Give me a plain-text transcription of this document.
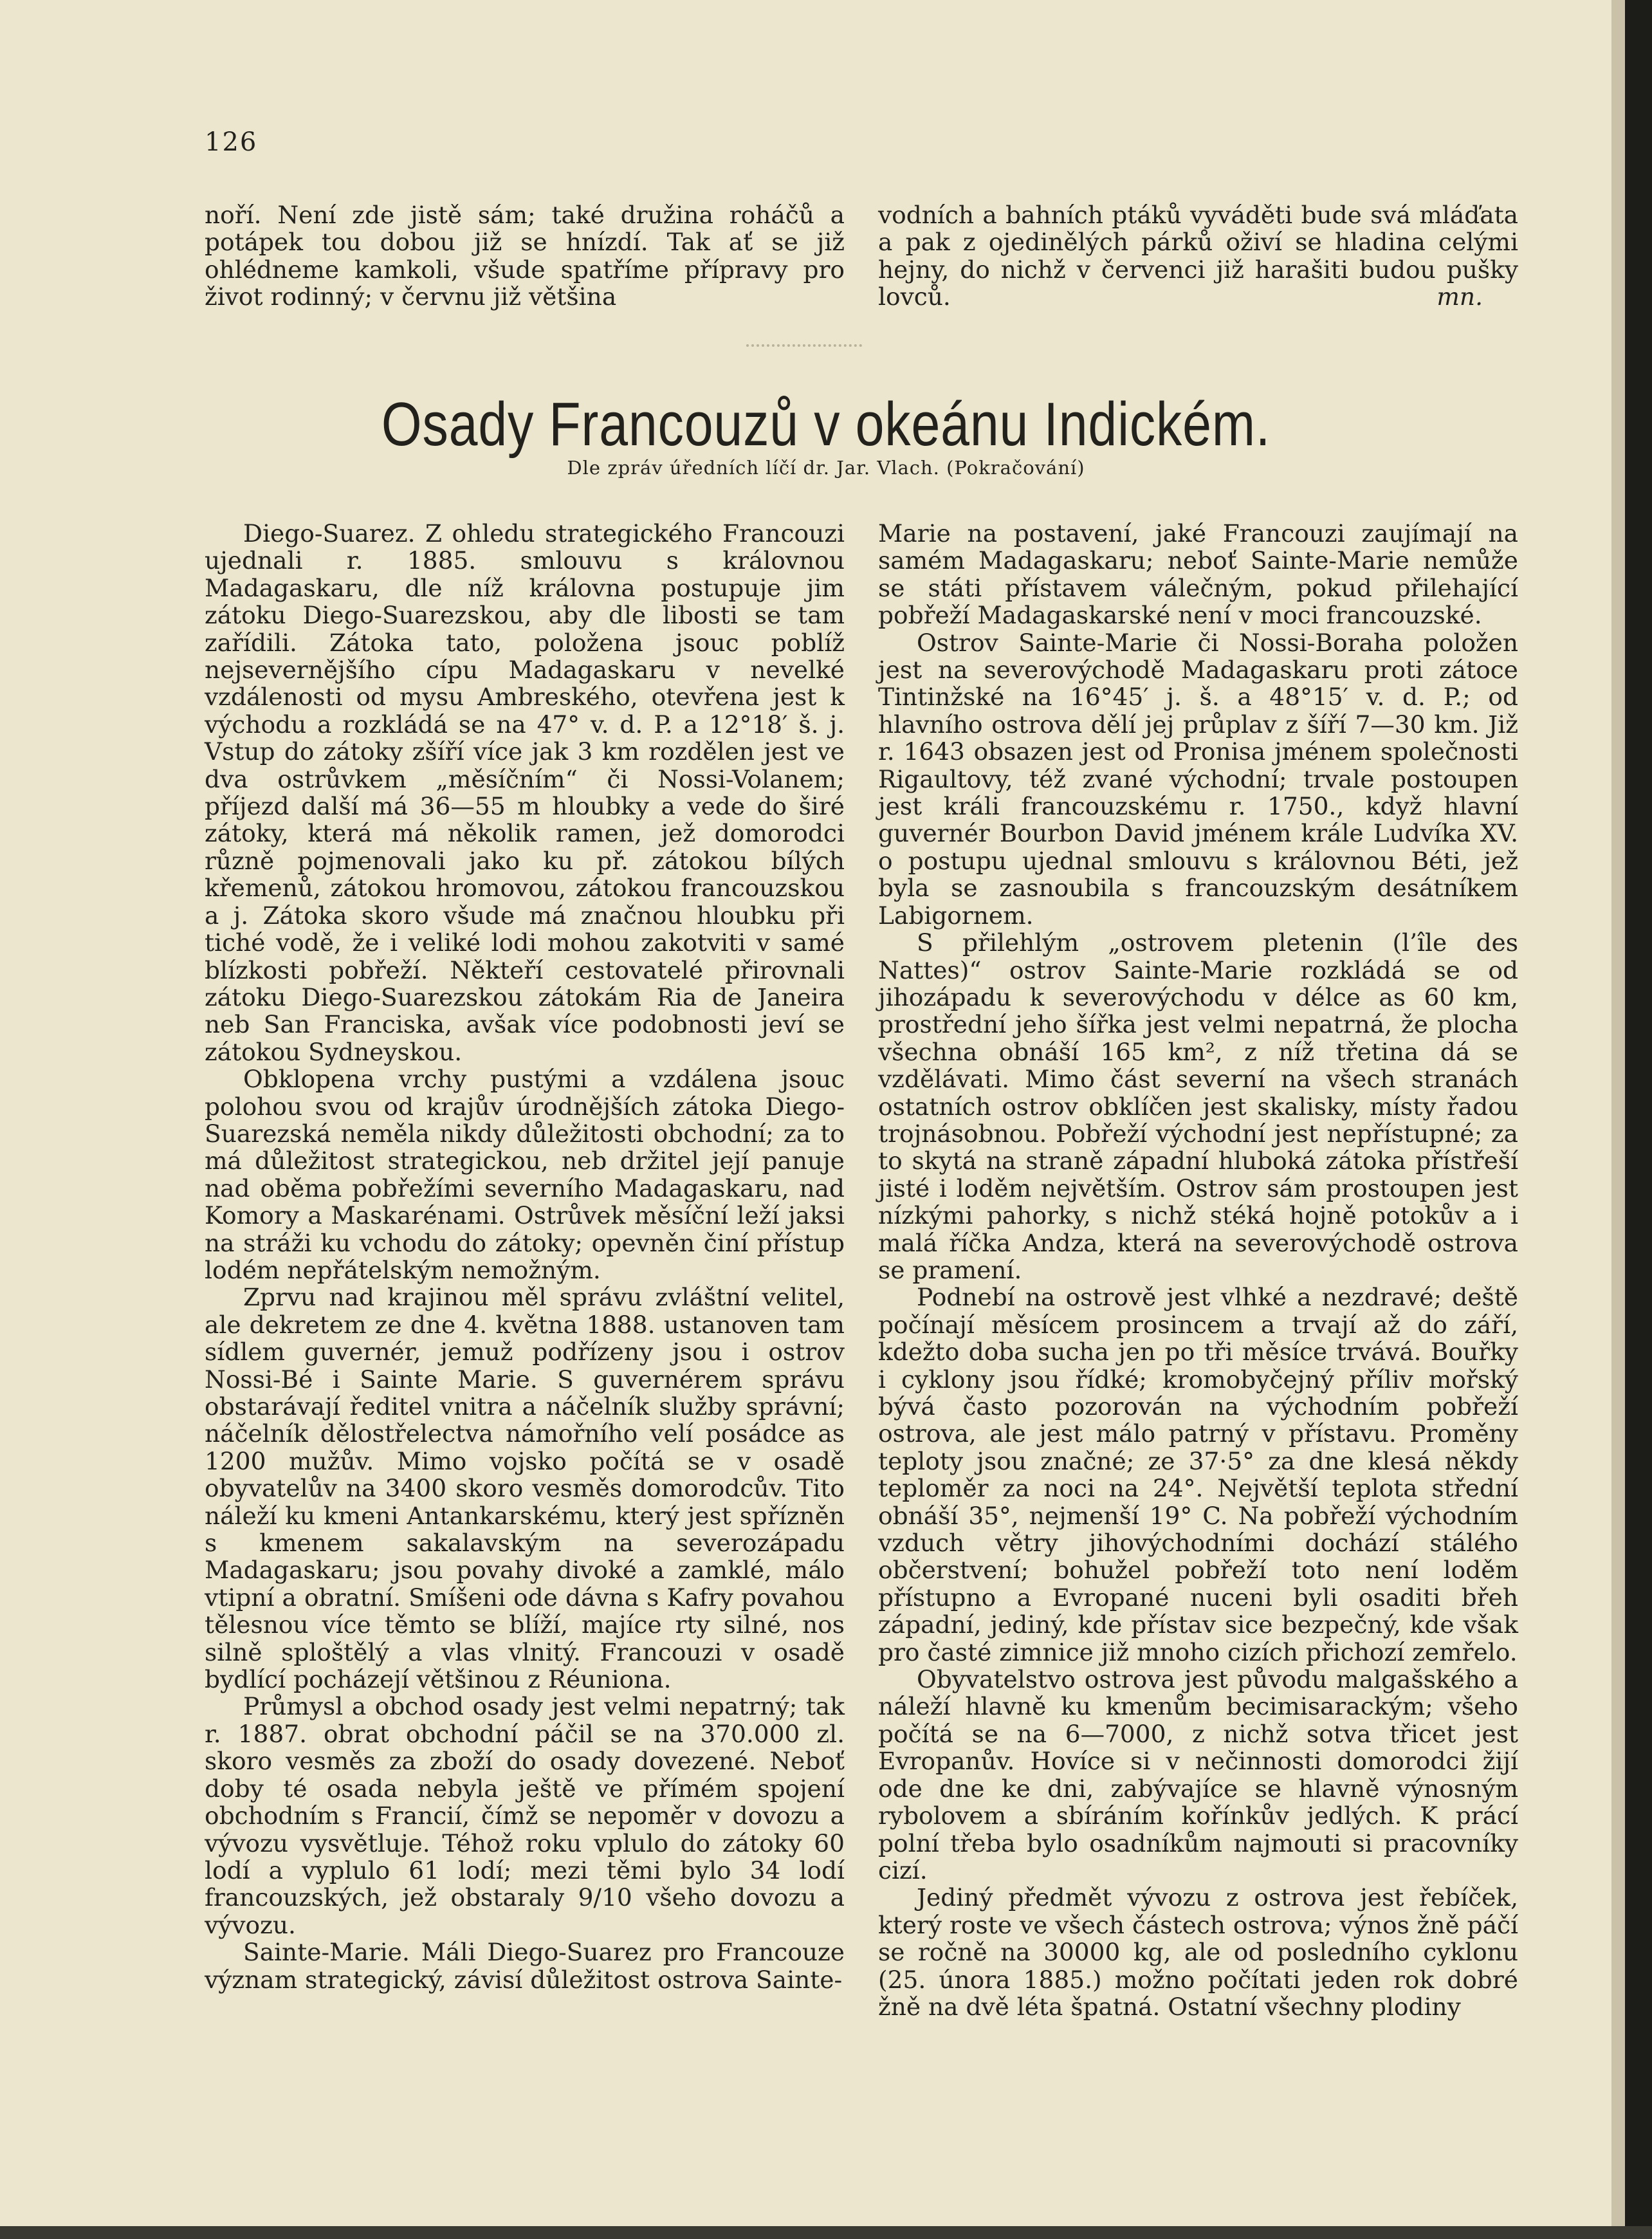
126

noří. Není zde jistě sám; také družina roháčů a potápek tou dobou již se hnízdí. Tak ať se již ohlédneme kamkoli, všude spatříme přípravy pro život rodinný; v červnu již většina

vodních a bahních ptáků vyváděti bude svá mláďata a pak z ojedinělých párků oživí se hladina celými hejny, do nichž v červenci již harašiti budou pušky lovců.	mn.
Osady Francouzů v okeánu Indickém.
Dle zpráv úředních líčí dr. Jar. Vlach. (Pokračování)

Diego-Suarez. Z ohledu strategického Francouzi ujednali r. 1885. smlouvu s královnou Madagaskaru, dle níž královna postupuje jim zátoku Diego-Suarezskou, aby dle libosti se tam zařídili. Zátoka tato, položena jsouc poblíž nejsevernějšího cípu Madagaskaru v nevelké vzdálenosti od mysu Ambreského, otevřena jest k východu a rozkládá se na 47° v. d. P. a 12°18′ š. j. Vstup do zátoky zšíří více jak 3 km rozdělen jest ve dva ostrůvkem „měsíčním“ či Nossi-Volanem; příjezd další má 36—55 m hloubky a vede do širé zátoky, která má několik ramen, jež domorodci různě pojmenovali jako ku př. zátokou bílých křemenů, zátokou hromovou, zátokou francouzskou a j. Zátoka skoro všude má značnou hloubku při tiché vodě, že i veliké lodi mohou zakotviti v samé blízkosti pobřeží. Někteří cestovatelé přirovnali zátoku Diego-Suarezskou zátokám Ria de Janeira neb San Franciska, avšak více podobnosti jeví se zátokou Sydneyskou.

Obklopena vrchy pustými a vzdálena jsouc polohou svou od krajův úrodnějších zátoka Diego-Suarezská neměla nikdy důležitosti obchodní; za to má důležitost strategickou, neb držitel její panuje nad oběma pobřežími severního Madagaskaru, nad Komory a Maskarénami. Ostrůvek měsíční leží jaksi na stráži ku vchodu do zátoky; opevněn činí přístup lodém nepřátelským nemožným.

Zprvu nad krajinou měl správu zvláštní velitel, ale dekretem ze dne 4. května 1888. ustanoven tam sídlem guvernér, jemuž podřízeny jsou i ostrov Nossi-Bé i Sainte Marie. S guvernérem správu obstarávají ředitel vnitra a náčelník služby správní; náčelník dělostřelectva námořního velí posádce as 1200 mužův. Mimo vojsko počítá se v osadě obyvatelův na 3400 skoro vesměs domorodcův. Tito náleží ku kmeni Antankarskému, který jest spřízněn s kmenem sakalavským na severozápadu Madagaskaru; jsou povahy divoké a zamklé, málo vtipní a obratní. Smíšeni ode dávna s Kafry povahou tělesnou více těmto se blíží, majíce rty silné, nos silně sploštělý a vlas vlnitý. Francouzi v osadě bydlící pocházejí většinou z Réuniona.

Průmysl a obchod osady jest velmi nepatrný; tak r. 1887. obrat obchodní páčil se na 370.000 zl. skoro vesměs za zboží do osady dovezené. Neboť doby té osada nebyla ještě ve přímém spojení obchodním s Francií, čímž se nepoměr v dovozu a vývozu vysvětluje. Téhož roku vplulo do zátoky 60 lodí a vyplulo 61 lodí; mezi těmi bylo 34 lodí francouzských, jež obstaraly 9/10 všeho dovozu a vývozu.

Sainte-Marie. Máli Diego-Suarez pro Francouze význam strategický, závisí důležitost ostrova Sainte-

Marie na postavení, jaké Francouzi zaujímají na samém Madagaskaru; neboť Sainte-Marie nemůže se státi přístavem válečným, pokud přilehající pobřeží Madagaskarské není v moci francouzské.

Ostrov Sainte-Marie či Nossi-Boraha položen jest na severovýchodě Madagaskaru proti zátoce Tintinžské na 16°45′ j. š. a 48°15′ v. d. P.; od hlavního ostrova dělí jej průplav z šíří 7—30 km. Již r. 1643 obsazen jest od Pronisa jménem společnosti Rigaultovy, též zvané východní; trvale postoupen jest králi francouzskému r. 1750., když hlavní guvernér Bourbon David jménem krále Ludvíka XV. o postupu ujednal smlouvu s královnou Béti, jež byla se zasnoubila s francouzským desátníkem Labigornem.

S přilehlým „ostrovem pletenin (l’île des Nattes)“ ostrov Sainte-Marie rozkládá se od jihozápadu k severovýchodu v délce as 60 km, prostřední jeho šířka jest velmi nepatrná, že plocha všechna obnáší 165 km², z níž třetina dá se vzdělávati. Mimo část severní na všech stranách ostatních ostrov obklíčen jest skalisky, místy řadou trojnásobnou. Pobřeží východní jest nepřístupné; za to skytá na straně západní hluboká zátoka přístřeší jisté i loděm největším. Ostrov sám prostoupen jest nízkými pahorky, s nichž stéká hojně potokův a i malá říčka Andza, která na severovýchodě ostrova se pramení.

Podnebí na ostrově jest vlhké a nezdravé; deště počínají měsícem prosincem a trvají až do září, kdežto doba sucha jen po tři měsíce trvává. Bouřky i cyklony jsou řídké; kromobyčejný příliv mořský bývá často pozorován na východním pobřeží ostrova, ale jest málo patrný v přístavu. Proměny teploty jsou značné; ze 37·5° za dne klesá někdy teploměr za noci na 24°. Největší teplota střední obnáší 35°, nejmenší 19° C. Na pobřeží východním vzduch větry jihovýchodními dochází stálého občerstvení; bohužel pobřeží toto není loděm přístupno a Evropané nuceni byli osaditi břeh západní, jediný, kde přístav sice bezpečný, kde však pro časté zimnice již mnoho cizích přichozí zemřelo.

Obyvatelstvo ostrova jest původu malgašského a náleží hlavně ku kmenům becimisarackým; všeho počítá se na 6—7000, z nichž sotva třicet jest Evropanův. Hovíce si v nečinnosti domorodci žijí ode dne ke dni, zabývajíce se hlavně výnosným rybolovem a sbíráním kořínkův jedlých. K prácí polní třeba bylo osadníkům najmouti si pracovníky cizí.

Jediný předmět vývozu z ostrova jest řebíček, který roste ve všech částech ostrova; výnos žně páčí se ročně na 30000 kg, ale od posledního cyklonu (25. února 1885.) možno počítati jeden rok dobré žně na dvě léta špatná. Ostatní všechny plodiny
